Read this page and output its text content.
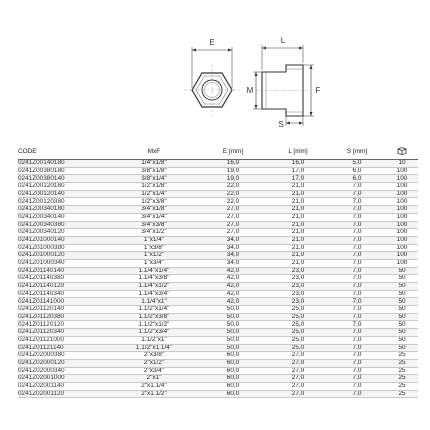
E	L
M	F
S
CODE	MxF	E [mm]	L [mm]	S [mm]	
0241Z00140180	1/4"x1/8"	16,0	16,0	5,0	10
0241Z00380180	3/8"x1/8"	19,0	17,0	6,0	100
0241Z00380140	3/8"x1/4"	19,0	17,0	6,0	100
0241Z00120180	1/2"x1/8"	22,0	21,0	7,0	100
0241Z00120140	1/2"x1/4"	22,0	21,0	7,0	100
0241Z00120380	1/2"x3/8"	22,0	21,0	7,0	100
0241Z00340180	3/4"x1/8"	27,0	21,0	7,0	100
0241Z00340140	3/4"x1/4"	27,0	21,0	7,0	100
0241Z00340380	3/4"x3/8"	27,0	21,0	7,0	100
0241Z00340120	3/4"x1/2"	27,0	21,0	7,0	100
0241Z01000140	1"x1/4"	34,0	21,0	7,0	100
0241Z01000380	1"x3/8"	34,0	21,0	7,0	100
0241Z01000120	1"x1/2"	34,0	21,0	7,0	100
0241Z01000340	1"x3/4"	34,0	21,0	7,0	100
0241Z01140140	1.1/4"x1/4"	42,0	23,0	7,0	50
0241Z01140380	1.1/4"x3/8"	42,0	23,0	7,0	50
0241Z01140120	1.1/4"x1/2"	42,0	23,0	7,0	50
0241Z01140340	1.1/4"x3/4"	42,0	23,0	7,0	50
0241Z01141000	1.1/4"x1"	42,0	23,0	7,0	50
0241Z01120140	1.1/2"x1/4"	50,0	25,0	7,0	50
0241Z01120380	1.1/2"x3/8"	50,0	25,0	7,0	50
0241Z01120120	1.1/2"x1/2"	50,0	25,0	7,0	50
0241Z01120340	1.1/2"x3/4"	50,0	25,0	7,0	50
0241Z01121000	1.1/2"x1"	50,0	25,0	7,0	50
0241Z01121140	1.1/2"x1.1/4"	50,0	25,0	7,0	50
0241Z02000380	2"x3/8"	60,0	27,0	7,0	25
0241Z02000120	2"x1/2"	60,0	27,0	7,0	25
0241Z02000340	2"x3/4"	60,0	27,0	7,0	25
0241Z02001000	2"x1"	60,0	27,0	7,0	25
0241Z02001140	2"x1.1/4"	60,0	27,0	7,0	25
0241Z02001120	2"x1.1/2"	60,0	27,0	7,0	25
